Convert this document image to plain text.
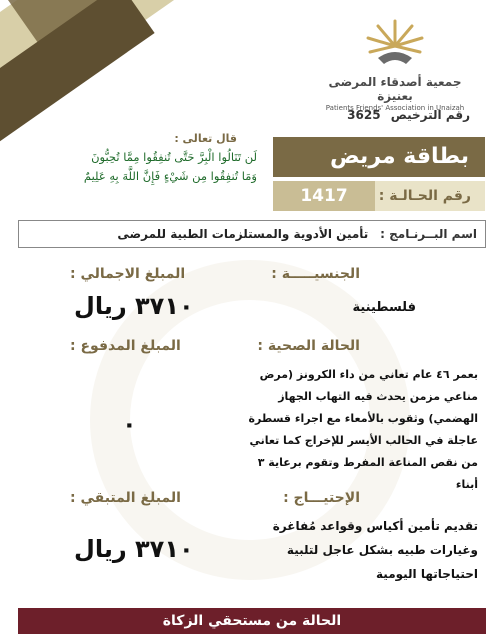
جمعية أصدقاء المرضى بعنيزة
Patients Friends' Association in Unaizah
رقم الترخيص 3625
قال تعالى :
لَن تَنَالُوا الْبِرَّ حَتَّى تُنفِقُوا مِمَّا تُحِبُّونَ
وَمَا تُنفِقُوا مِن شَيْءٍ فَإِنَّ اللَّهَ بِهِ عَلِيمٌ
بطاقة مريض
رقم الحـالـة :
1417
اسم البــرنـامج : تأمين الأدوية والمستلزمات الطبية للمرضى
الجنسيـــــة :
فلسطينية
الحالة الصحية :
بعمر ٤٦ عام تعاني من داء الكرونز (مرض مناعي مزمن يحدث فيه التهاب الجهاز الهضمي) وثقوب بالأمعاء مع اجراء قسطرة عاجلة في الحالب الأيسر للإخراج كما تعاني من نقص المناعة المفرط وتقوم برعاية ٣ أبناء
الإحتيـــاج :
تقديم تأمين أكياس وقواعد مُفاغرة وغيارات طبيه بشكل عاجل لتلبية احتياجاتها اليومية
المبلغ الاجمالي :
٣٧١٠ ريال
المبلغ المدفوع :
٠
المبلغ المتبقي :
٣٧١٠ ريال
الحالة من مستحقي الزكاة
